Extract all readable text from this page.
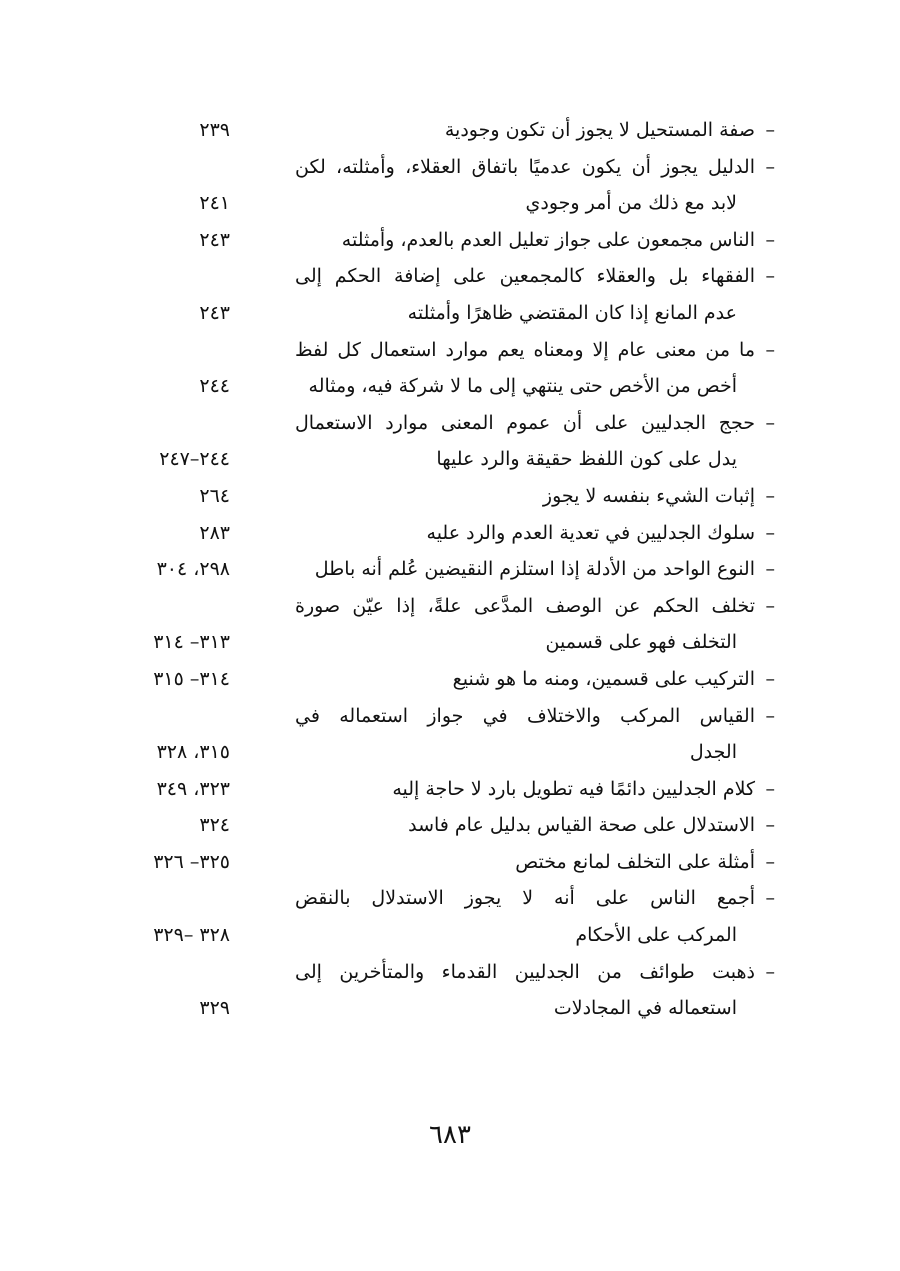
–
صفة المستحيل لا يجوز أن تكون وجودية
٢٣٩
–
الدليل يجوز أن يكون عدميًا باتفاق العقلاء، وأمثلته، لكن
لابد مع ذلك من أمر وجودي
٢٤١
–
الناس مجمعون على جواز تعليل العدم بالعدم، وأمثلته
٢٤٣
–
الفقهاء بل والعقلاء كالمجمعين على إضافة الحكم إلى
عدم المانع إذا كان المقتضي ظاهرًا وأمثلته
٢٤٣
–
ما من معنى عام إلا ومعناه يعم موارد استعمال كل لفظ
أخص من الأخص حتى ينتهي إلى ما لا شركة فيه، ومثاله
٢٤٤
–
حجج الجدليين على أن عموم المعنى موارد الاستعمال
يدل على كون اللفظ حقيقة والرد عليها
٢٤٤–٢٤٧
–
إثبات الشيء بنفسه لا يجوز
٢٦٤
–
سلوك الجدليين في تعدية العدم والرد عليه
٢٨٣
–
النوع الواحد من الأدلة إذا استلزم النقيضين عُلم أنه باطل
٢٩٨، ٣٠٤
–
تخلف الحكم عن الوصف المدَّعى علةً، إذا عيّن صورة
التخلف فهو على قسمين
٣١٣– ٣١٤
–
التركيب على قسمين، ومنه ما هو شنيع
٣١٤– ٣١٥
–
القياس المركب والاختلاف في جواز استعماله في
الجدل
٣١٥، ٣٢٨
–
كلام الجدليين دائمًا فيه تطويل بارد لا حاجة إليه
٣٢٣، ٣٤٩
–
الاستدلال على صحة القياس بدليل عام فاسد
٣٢٤
–
أمثلة على التخلف لمانع مختص
٣٢٥– ٣٢٦
–
أجمع الناس على أنه لا يجوز الاستدلال بالنقض
المركب على الأحكام
٣٢٨ –٣٢٩
–
ذهبت طوائف من الجدليين القدماء والمتأخرين إلى
استعماله في المجادلات
٣٢٩
٦٨٣
